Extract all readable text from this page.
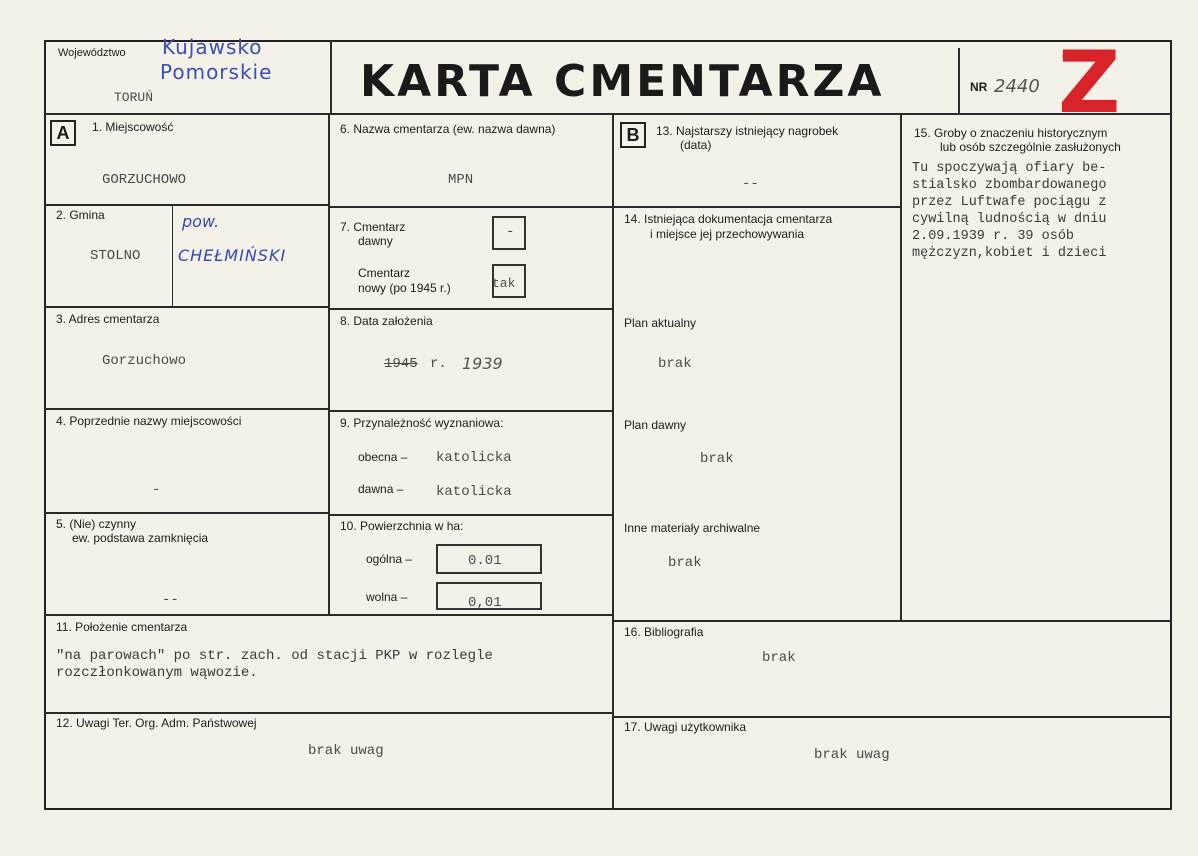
Województwo Kujawsko
Pomorskie
TORUŃ	KARTA CMENTARZA	NR 2440 Z
A	1. Miejscowość
GORZUCHOWO
2. Gmina
STOLNO
pow.
CHEŁMIŃSKI
3. Adres cmentarza
Gorzuchowo
4. Poprzednie nazwy miejscowości
-
5. (Nie) czynny
ew. podstawa zamknięcia
--
6. Nazwa cmentarza (ew. nazwa dawna)
MPN
7. Cmentarz
dawny
-
Cmentarz
nowy (po 1945 r.)	tak
8. Data założenia
1945 r. 1939
9. Przynależność wyznaniowa:
obecna – katolicka
dawna – katolicka
10. Powierzchnia w ha:
ogólna –	0.01
wolna –	0,01
B	13. Najstarszy istniejący nagrobek
(data)
--
14. Istniejąca dokumentacja cmentarza
i miejsce jej przechowywania
Plan aktualny
brak
Plan dawny
brak
Inne materiały archiwalne
brak
15. Groby o znaczeniu historycznym
lub osób szczególnie zasłużonych
Tu spoczywają ofiary be-
stialsko zbombardowanego
przez Luftwafe pociągu z
cywilną ludnością w dniu
2.09.1939 r. 39 osób
mężczyzn,kobiet i dzieci
11. Położenie cmentarza
"na parowach" po str. zach. od stacji PKP w rozlegle
rozczłonkowanym wąwozie.
12. Uwagi Ter. Org. Adm. Państwowej
brak uwag
16. Bibliografia
brak
17. Uwagi użytkownika
brak uwag
